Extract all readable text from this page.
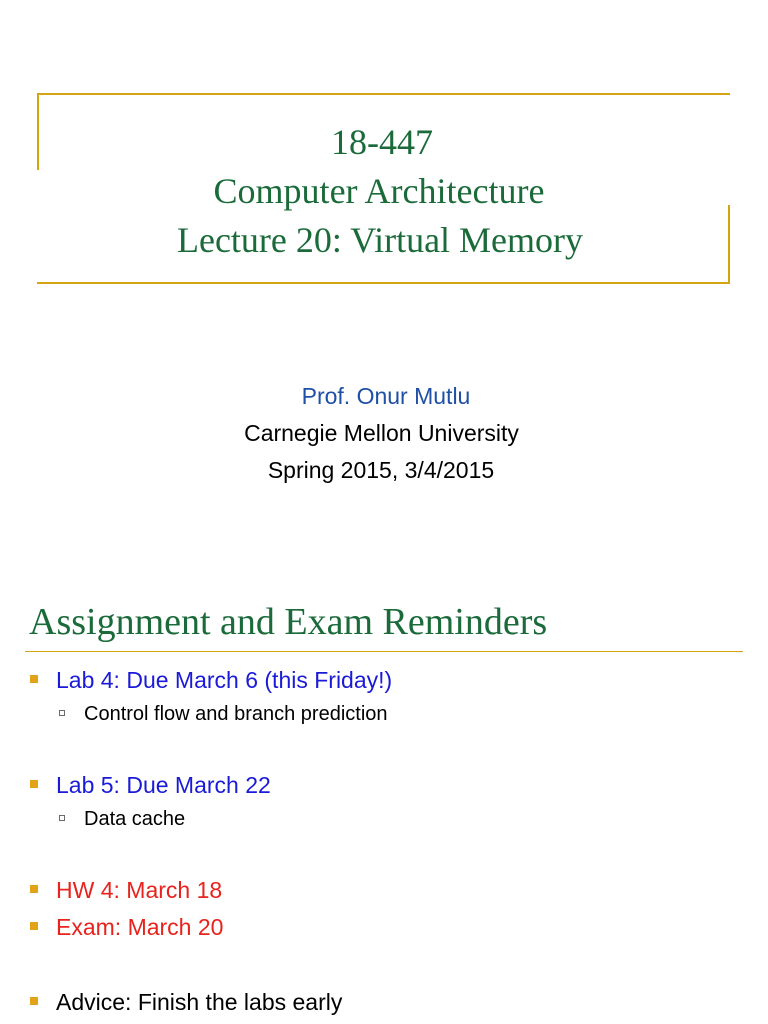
18-447
Computer Architecture
Lecture 20: Virtual Memory
Prof. Onur Mutlu
Carnegie Mellon University
Spring 2015, 3/4/2015
Assignment and Exam Reminders
Lab 4: Due March 6 (this Friday!)
Control flow and branch prediction
Lab 5: Due March 22
Data cache
HW 4: March 18
Exam: March 20
Advice: Finish the labs early
